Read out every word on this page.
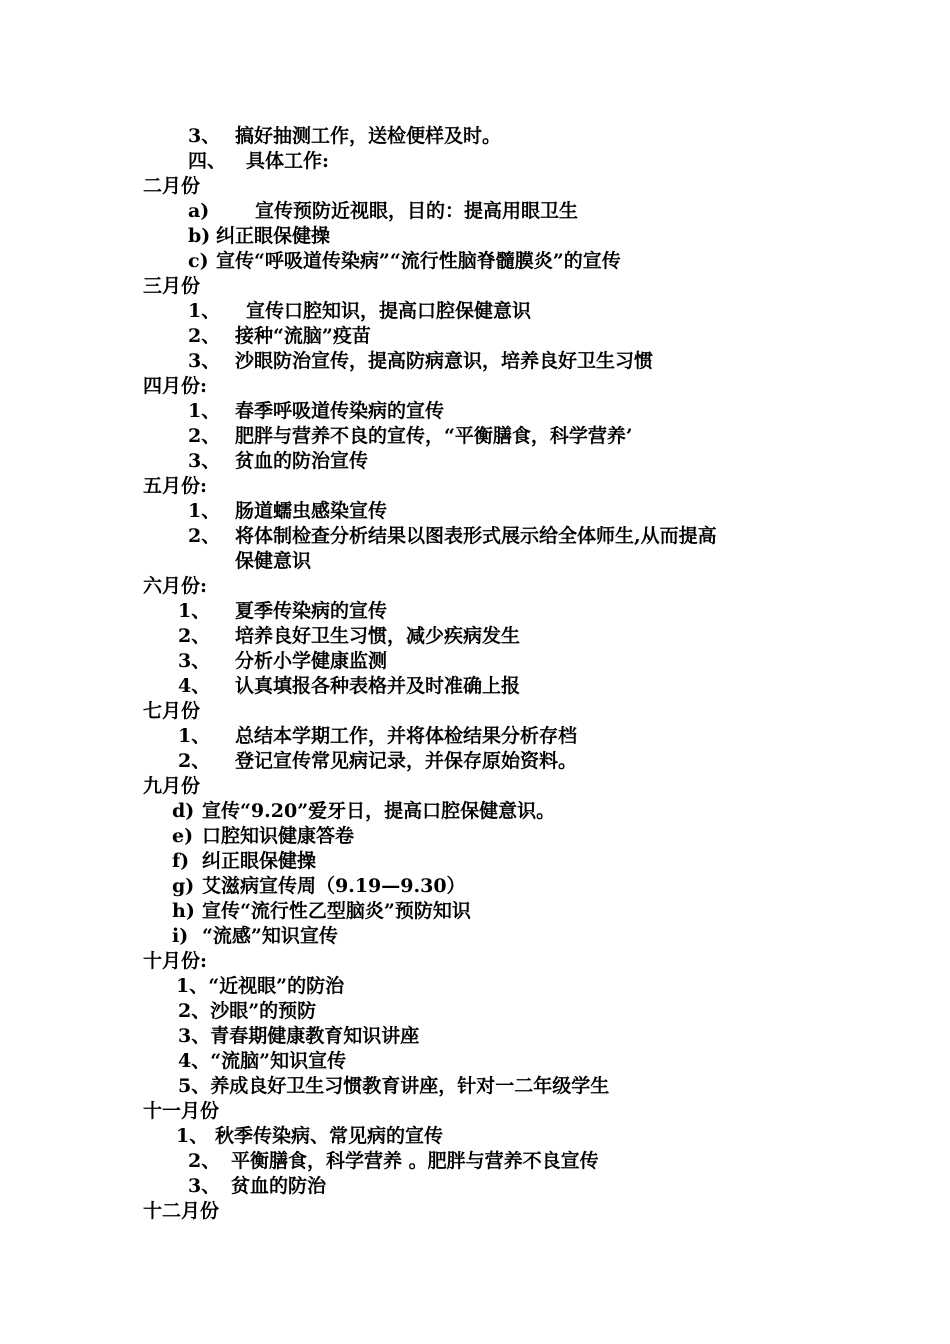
3、 搞好抽测工作，送检便样及时。
四、 具体工作:
二月份
a) 宣传预防近视眼，目的：提高用眼卫生
b) 纠正眼保健操
c) 宣传“呼吸道传染病”“流行性脑脊髓膜炎”的宣传
三月份
1、 宣传口腔知识，提高口腔保健意识
2、 接种“流脑”疫苗
3、 沙眼防治宣传，提高防病意识，培养良好卫生习惯
四月份:
1、 春季呼吸道传染病的宣传
2、 肥胖与营养不良的宣传，“平衡膳食，科学营养’
3、 贫血的防治宣传
五月份:
1、 肠道蠕虫感染宣传
2、 将体制检查分析结果以图表形式展示给全体师生,从而提高
保健意识
六月份:
1、 夏季传染病的宣传
2、 培养良好卫生习惯，减少疾病发生
3、 分析小学健康监测
4、 认真填报各种表格并及时准确上报
七月份
1、 总结本学期工作，并将体检结果分析存档
2、 登记宣传常见病记录，并保存原始资料。
九月份
d) 宣传“9.20”爱牙日，提高口腔保健意识。
e) 口腔知识健康答卷
f) 纠正眼保健操
g) 艾滋病宣传周（9.19—9.30）
h) 宣传“流行性乙型脑炎”预防知识
i) “流感”知识宣传
十月份:
1、“近视眼”的防治
2、沙眼”的预防
3、青春期健康教育知识讲座
4、“流脑”知识宣传
5、养成良好卫生习惯教育讲座，针对一二年级学生
十一月份
1、 秋季传染病、常见病的宣传
2、 平衡膳食，科学营养 。肥胖与营养不良宣传
3、 贫血的防治
十二月份
